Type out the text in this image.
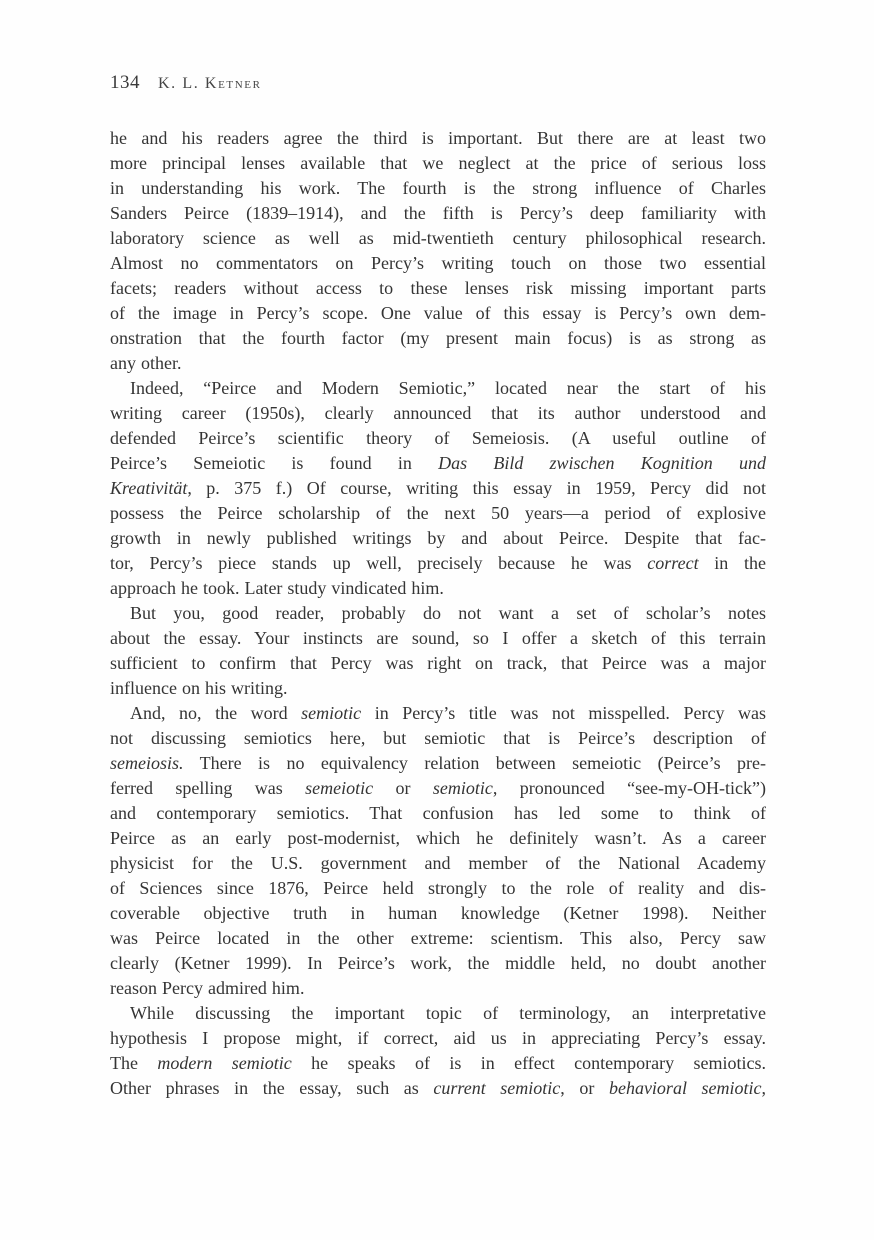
134 K. L. Ketner
he and his readers agree the third is important. But there are at least two
more principal lenses available that we neglect at the price of serious loss
in understanding his work. The fourth is the strong influence of Charles
Sanders Peirce (1839–1914), and the fifth is Percy’s deep familiarity with
laboratory science as well as mid-twentieth century philosophical research.
Almost no commentators on Percy’s writing touch on those two essential
facets; readers without access to these lenses risk missing important parts
of the image in Percy’s scope. One value of this essay is Percy’s own dem-
onstration that the fourth factor (my present main focus) is as strong as
any other.
Indeed, “Peirce and Modern Semiotic,” located near the start of his
writing career (1950s), clearly announced that its author understood and
defended Peirce’s scientific theory of Semeiosis. (A useful outline of
Peirce’s Semeiotic is found in Das Bild zwischen Kognition und
Kreativität, p. 375 f.) Of course, writing this essay in 1959, Percy did not
possess the Peirce scholarship of the next 50 years—a period of explosive
growth in newly published writings by and about Peirce. Despite that fac-
tor, Percy’s piece stands up well, precisely because he was correct in the
approach he took. Later study vindicated him.
But you, good reader, probably do not want a set of scholar’s notes
about the essay. Your instincts are sound, so I offer a sketch of this terrain
sufficient to confirm that Percy was right on track, that Peirce was a major
influence on his writing.
And, no, the word semiotic in Percy’s title was not misspelled. Percy was
not discussing semiotics here, but semiotic that is Peirce’s description of
semeiosis. There is no equivalency relation between semeiotic (Peirce’s pre-
ferred spelling was semeiotic or semiotic, pronounced “see-my-OH-tick”)
and contemporary semiotics. That confusion has led some to think of
Peirce as an early post-modernist, which he definitely wasn’t. As a career
physicist for the U.S. government and member of the National Academy
of Sciences since 1876, Peirce held strongly to the role of reality and dis-
coverable objective truth in human knowledge (Ketner 1998). Neither
was Peirce located in the other extreme: scientism. This also, Percy saw
clearly (Ketner 1999). In Peirce’s work, the middle held, no doubt another
reason Percy admired him.
While discussing the important topic of terminology, an interpretative
hypothesis I propose might, if correct, aid us in appreciating Percy’s essay.
The modern semiotic he speaks of is in effect contemporary semiotics.
Other phrases in the essay, such as current semiotic, or behavioral semiotic,
